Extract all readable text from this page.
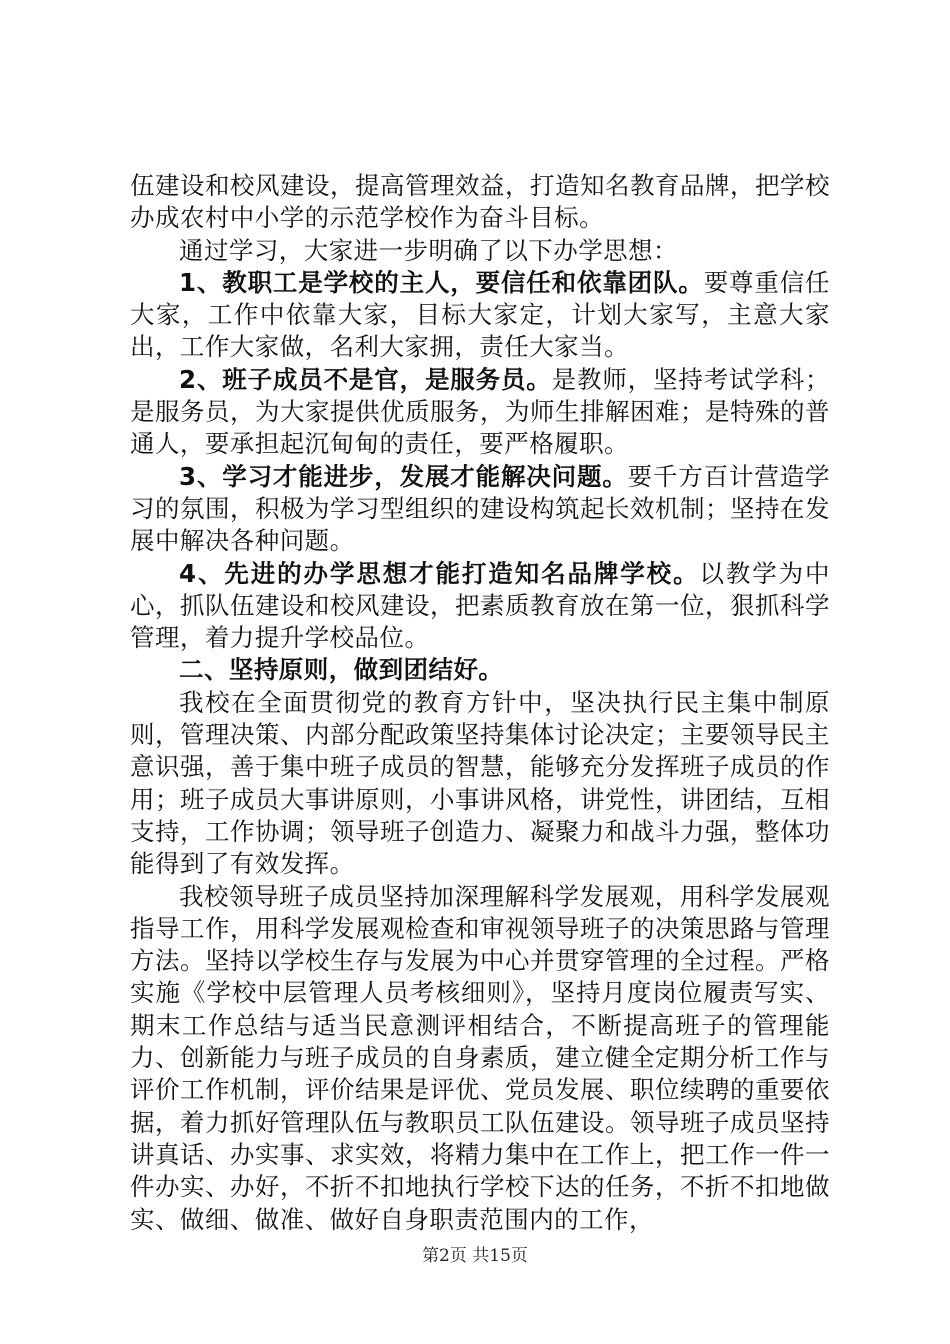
伍建设和校风建设，提高管理效益，打造知名教育品牌，把学校办成农村中小学的示范学校作为奋斗目标。

通过学习，大家进一步明确了以下办学思想：

1、教职工是学校的主人，要信任和依靠团队。要尊重信任大家，工作中依靠大家，目标大家定，计划大家写，主意大家出，工作大家做，名利大家拥，责任大家当。

2、班子成员不是官，是服务员。是教师，坚持考试学科；是服务员，为大家提供优质服务，为师生排解困难；是特殊的普通人，要承担起沉甸甸的责任，要严格履职。

3、学习才能进步，发展才能解决问题。要千方百计营造学习的氛围，积极为学习型组织的建设构筑起长效机制；坚持在发展中解决各种问题。

4、先进的办学思想才能打造知名品牌学校。以教学为中心，抓队伍建设和校风建设，把素质教育放在第一位，狠抓科学管理，着力提升学校品位。

二、坚持原则，做到团结好。

我校在全面贯彻党的教育方针中，坚决执行民主集中制原则，管理决策、内部分配政策坚持集体讨论决定；主要领导民主意识强，善于集中班子成员的智慧，能够充分发挥班子成员的作用；班子成员大事讲原则，小事讲风格，讲党性，讲团结，互相支持，工作协调；领导班子创造力、凝聚力和战斗力强，整体功能得到了有效发挥。

我校领导班子成员坚持加深理解科学发展观，用科学发展观指导工作，用科学发展观检查和审视领导班子的决策思路与管理方法。坚持以学校生存与发展为中心并贯穿管理的全过程。严格实施《学校中层管理人员考核细则》，坚持月度岗位履责写实、期末工作总结与适当民意测评相结合，不断提高班子的管理能力、创新能力与班子成员的自身素质，建立健全定期分析工作与评价工作机制，评价结果是评优、党员发展、职位续聘的重要依据，着力抓好管理队伍与教职员工队伍建设。领导班子成员坚持讲真话、办实事、求实效，将精力集中在工作上，把工作一件一件办实、办好，不折不扣地执行学校下达的任务，不折不扣地做实、做细、做准、做好自身职责范围内的工作，

第2页 共15页
